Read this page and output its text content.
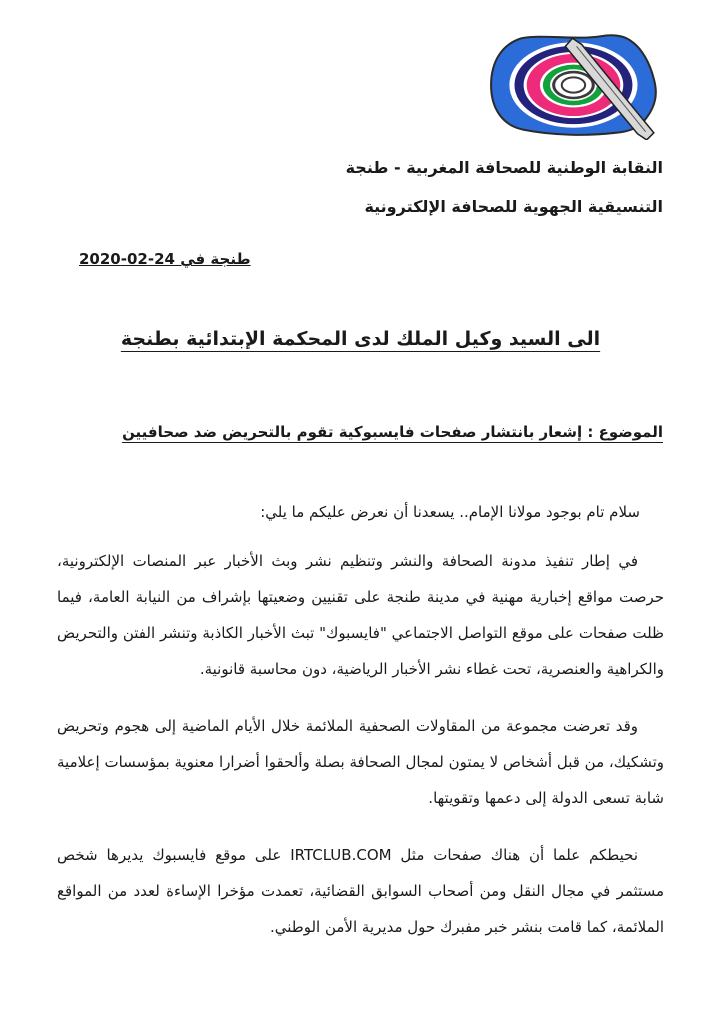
النقابة الوطنية للصحافة المغربية - طنجة
التنسيقية الجهوية للصحافة الإلكترونية
طنجة في 24-02-2020
الى السيد وكيل الملك لدى المحكمة الإبتدائية بطنجة
الموضوع : إشعار بانتشار صفحات فايسبوكية تقوم بالتحريض ضد صحافيين

سلام تام بوجود مولانا الإمام.. يسعدنا أن نعرض عليكم ما يلي:

في إطار تنفيذ مدونة الصحافة والنشر وتنظيم نشر وبث الأخبار عبر المنصات الإلكترونية، حرصت مواقع إخبارية مهنية في مدينة طنجة على تقنيين وضعيتها بإشراف من النيابة العامة، فيما ظلت صفحات على موقع التواصل الاجتماعي "فايسبوك" تبث الأخبار الكاذبة وتنشر الفتن والتحريض والكراهية والعنصرية، تحت غطاء نشر الأخبار الرياضية، دون محاسبة قانونية.

وقد تعرضت مجموعة من المقاولات الصحفية الملائمة خلال الأيام الماضية إلى هجوم وتحريض وتشكيك، من قبل أشخاص لا يمتون لمجال الصحافة بصلة وألحقوا أضرارا معنوية بمؤسسات إعلامية شابة تسعى الدولة إلى دعمها وتقويتها.

نحيطكم علما أن هناك صفحات مثل IRTCLUB.COM على موقع فايسبوك يديرها شخص مستثمر في مجال النقل ومن أصحاب السوابق القضائية، تعمدت مؤخرا الإساءة لعدد من المواقع الملائمة، كما قامت بنشر خبر مفبرك حول مديرية الأمن الوطني.
